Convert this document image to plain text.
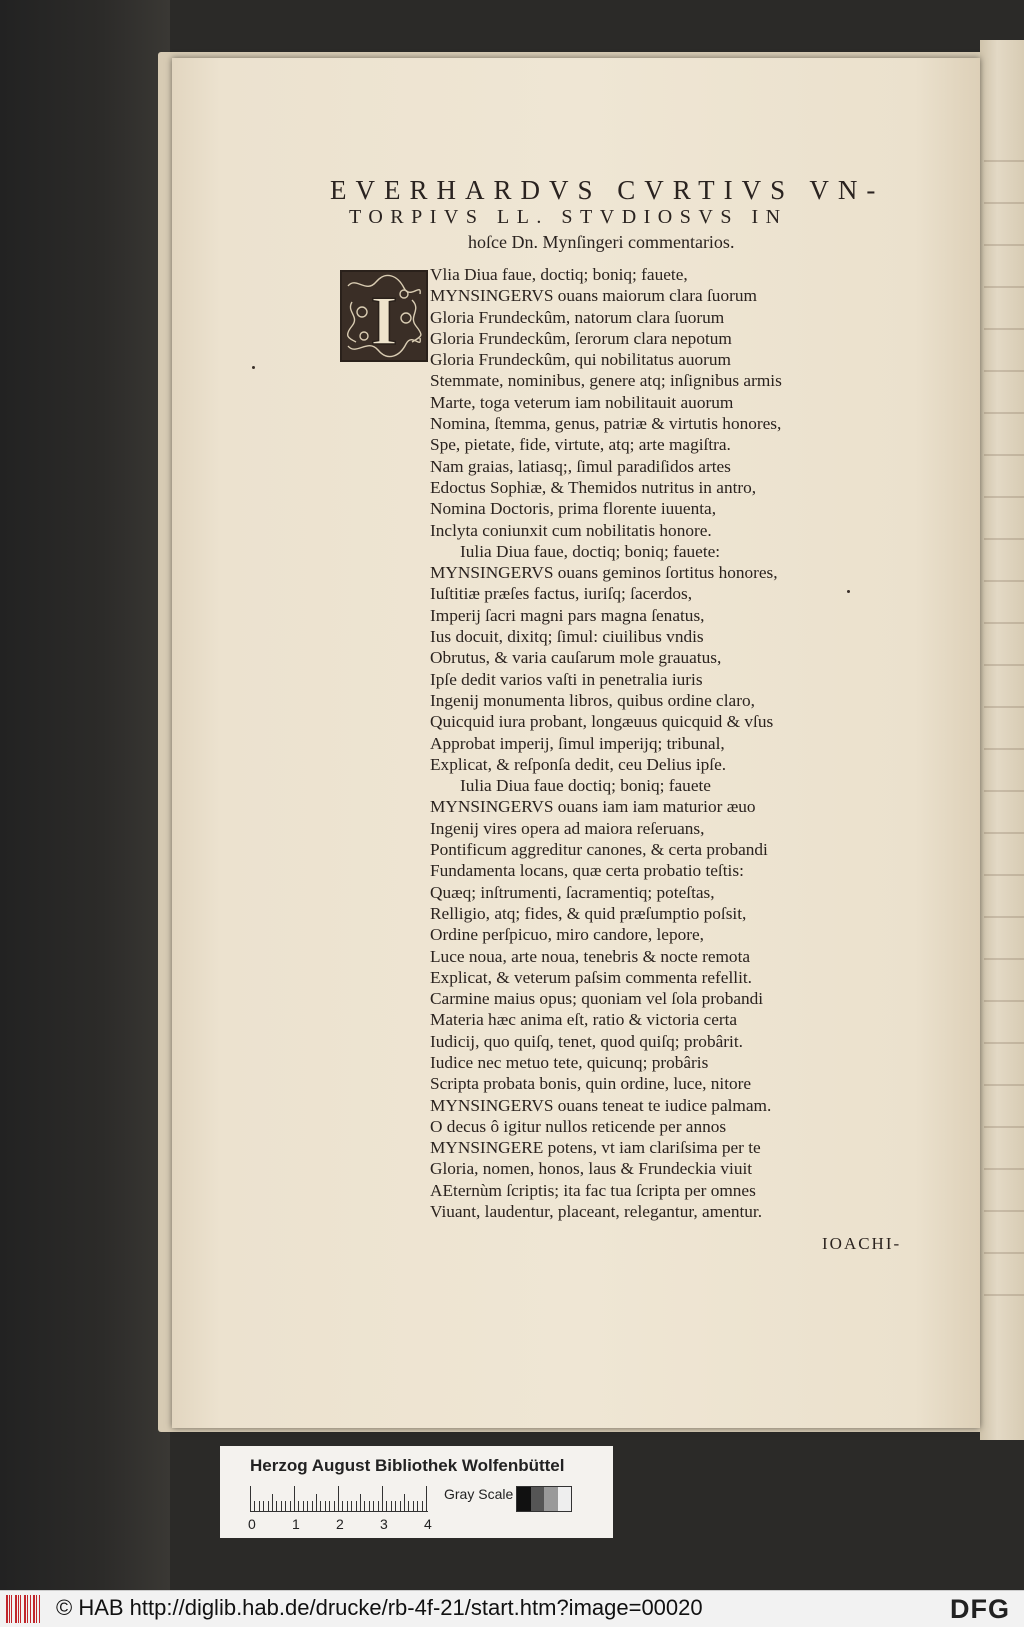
EVERHARDVS CVRTIVS VN-
TORPIVS LL. STVDIOSVS IN
hoſce Dn. Mynſingeri commentarios.
I
Vlia Diua faue, doctiq; boniq; fauete,
MYNSINGERVS ouans maiorum clara ſuorum
Gloria Frundeckûm, natorum clara ſuorum
Gloria Frundeckûm, ſerorum clara nepotum
Gloria Frundeckûm, qui nobilitatus auorum
Stemmate, nominibus, genere atq; inſignibus armis
Marte, toga veterum iam nobilitauit auorum
Nomina, ſtemma, genus, patriæ & virtutis honores,
Spe, pietate, fide, virtute, atq; arte magiſtra.
Nam graias, latiasq;, ſimul paradiſidos artes
Edoctus Sophiæ, & Themidos nutritus in antro,
Nomina Doctoris, prima florente iuuenta,
Inclyta coniunxit cum nobilitatis honore.
Iulia Diua faue, doctiq; boniq; fauete:
MYNSINGERVS ouans geminos ſortitus honores,
Iuſtitiæ præſes factus, iuriſq; ſacerdos,
Imperij ſacri magni pars magna ſenatus,
Ius docuit, dixitq; ſimul: ciuilibus vndis
Obrutus, & varia cauſarum mole grauatus,
Ipſe dedit varios vaſti in penetralia iuris
Ingenij monumenta libros, quibus ordine claro,
Quicquid iura probant, longæuus quicquid & vſus
Approbat imperij, ſimul imperijq; tribunal,
Explicat, & reſponſa dedit, ceu Delius ipſe.
Iulia Diua faue doctiq; boniq; fauete
MYNSINGERVS ouans iam iam maturior æuo
Ingenij vires opera ad maiora reſeruans,
Pontificum aggreditur canones, & certa probandi
Fundamenta locans, quæ certa probatio teſtis:
Quæq; inſtrumenti, ſacramentiq; poteſtas,
Relligio, atq; fides, & quid præſumptio poſsit,
Ordine perſpicuo, miro candore, lepore,
Luce noua, arte noua, tenebris & nocte remota
Explicat, & veterum paſsim commenta refellit.
Carmine maius opus; quoniam vel ſola probandi
Materia hæc anima eſt, ratio & victoria certa
Iudicij, quo quiſq, tenet, quod quiſq; probârit.
Iudice nec metuo tete, quicunq; probâris
Scripta probata bonis, quin ordine, luce, nitore
MYNSINGERVS ouans teneat te iudice palmam.
O decus ô igitur nullos reticende per annos
MYNSINGERE potens, vt iam clariſsima per te
Gloria, nomen, honos, laus & Frundeckia viuit
AEternùm ſcriptis; ita fac tua ſcripta per omnes
Viuant, laudentur, placeant, relegantur, amentur.
IOACHI-
Herzog August Bibliothek Wolfenbüttel
0	1	2	3	4
Gray Scale
© HAB http://diglib.hab.de/drucke/rb-4f-21/start.htm?image=00020	DFG
